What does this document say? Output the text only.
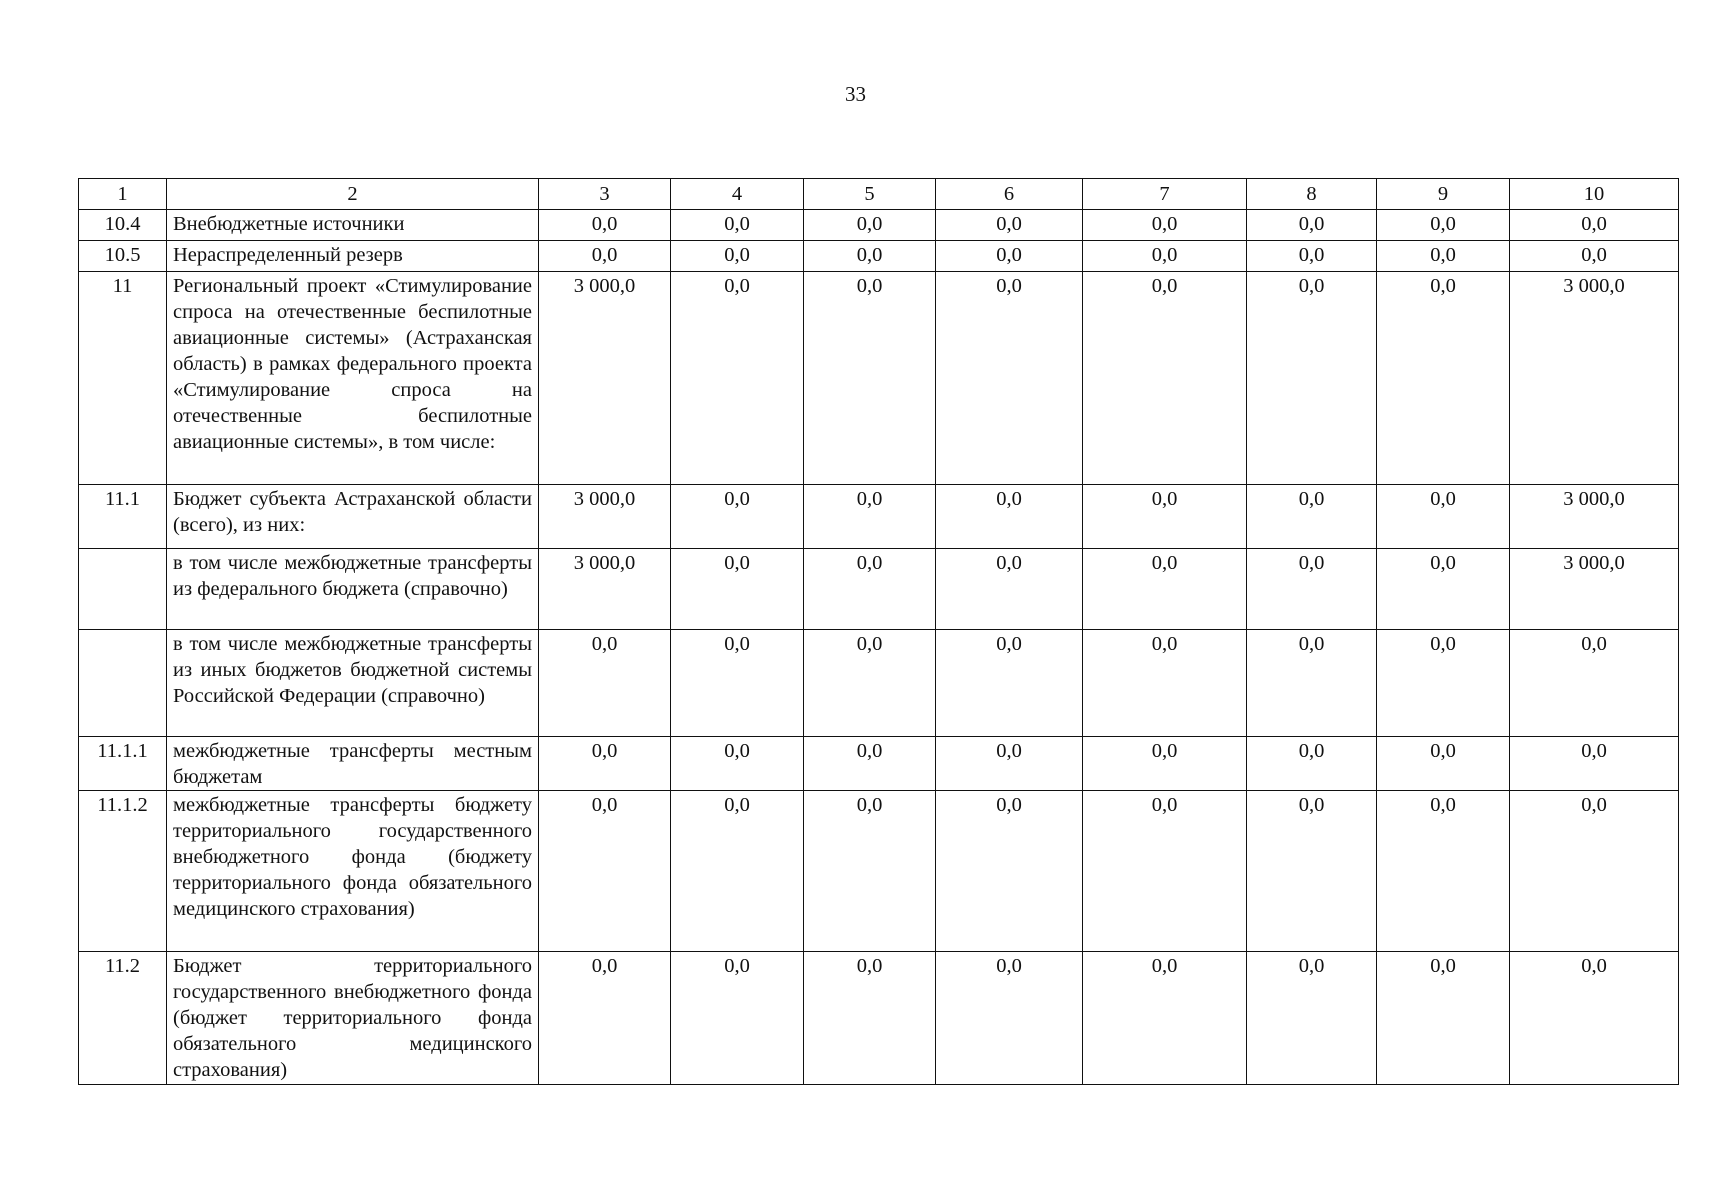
33
1	2	3	4	5	6	7	8	9	10
10.4	Внебюджетные источники	0,0	0,0	0,0	0,0	0,0	0,0	0,0	0,0
10.5	Нераспределенный резерв	0,0	0,0	0,0	0,0	0,0	0,0	0,0	0,0
11	Региональный проект «Стимулирование спроса на отечественные беспилотные авиационные системы» (Астраханская область) в рамках федерального проекта «Стимулирование спроса на отечественные беспилотные авиационные системы», в том числе:	3 000,0	0,0	0,0	0,0	0,0	0,0	0,0	3 000,0
11.1	Бюджет субъекта Астраханской области (всего), из них:	3 000,0	0,0	0,0	0,0	0,0	0,0	0,0	3 000,0
	в том числе межбюджетные трансферты из федерального бюджета (справочно)	3 000,0	0,0	0,0	0,0	0,0	0,0	0,0	3 000,0
	в том числе межбюджетные трансферты из иных бюджетов бюджетной системы Российской Федерации (справочно)	0,0	0,0	0,0	0,0	0,0	0,0	0,0	0,0
11.1.1	межбюджетные трансферты местным бюджетам	0,0	0,0	0,0	0,0	0,0	0,0	0,0	0,0
11.1.2	межбюджетные трансферты бюджету территориального государственного внебюджетного фонда (бюджету территориального фонда обязательного медицинского страхования)	0,0	0,0	0,0	0,0	0,0	0,0	0,0	0,0
11.2	Бюджет территориального государственного внебюджетного фонда (бюджет территориального фонда обязательного медицинского страхования)	0,0	0,0	0,0	0,0	0,0	0,0	0,0	0,0
